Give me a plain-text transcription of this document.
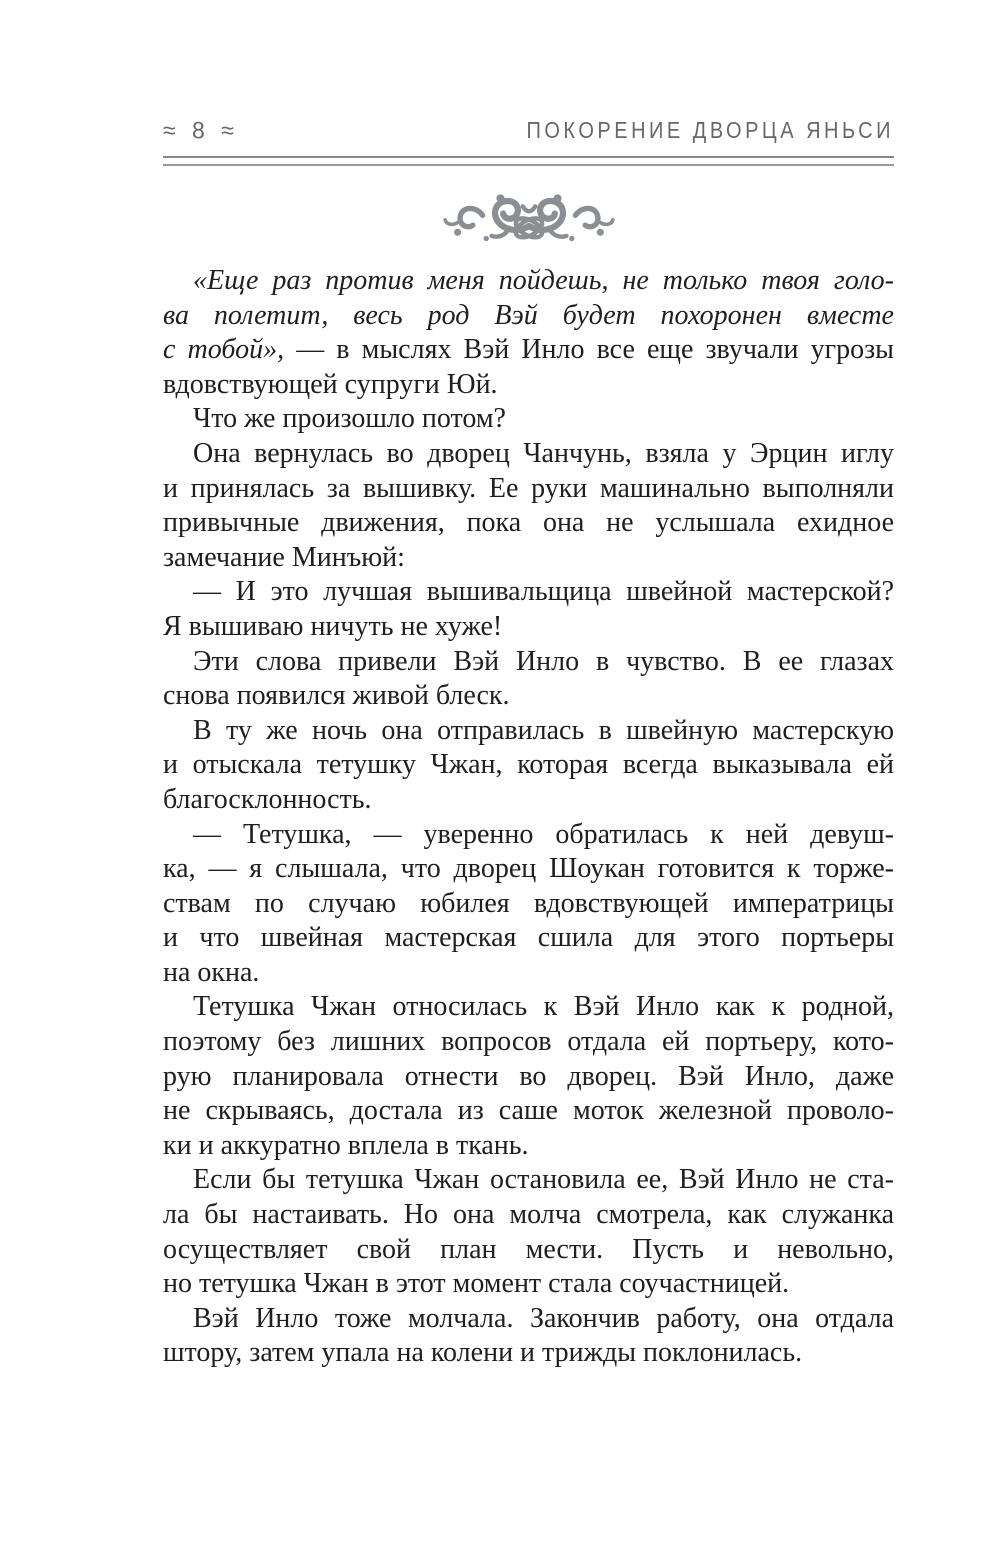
≈ 8 ≈	ПОКОРЕНИЕ ДВОРЦА ЯНЬСИ
«Еще раз против меня пойдешь, не только твоя голо-
ва полетит, весь род Вэй будет похоронен вместе
с тобой», — в мыслях Вэй Инло все еще звучали угрозы
вдовствующей супруги Юй.
Что же произошло потом?
Она вернулась во дворец Чанчунь, взяла у Эрцин иглу
и принялась за вышивку. Ее руки машинально выполняли
привычные движения, пока она не услышала ехидное
замечание Минъюй:
— И это лучшая вышивальщица швейной мастерской?
Я вышиваю ничуть не хуже!
Эти слова привели Вэй Инло в чувство. В ее глазах
снова появился живой блеск.
В ту же ночь она отправилась в швейную мастерскую
и отыскала тетушку Чжан, которая всегда выказывала ей
благосклонность.
— Тетушка, — уверенно обратилась к ней девуш-
ка, — я слышала, что дворец Шоукан готовится к торже-
ствам по случаю юбилея вдовствующей императрицы
и что швейная мастерская сшила для этого портьеры
на окна.
Тетушка Чжан относилась к Вэй Инло как к родной,
поэтому без лишних вопросов отдала ей портьеру, кото-
рую планировала отнести во дворец. Вэй Инло, даже
не скрываясь, достала из саше моток железной проволо-
ки и аккуратно вплела в ткань.
Если бы тетушка Чжан остановила ее, Вэй Инло не ста-
ла бы настаивать. Но она молча смотрела, как служанка
осуществляет свой план мести. Пусть и невольно,
но тетушка Чжан в этот момент стала соучастницей.
Вэй Инло тоже молчала. Закончив работу, она отдала
штору, затем упала на колени и трижды поклонилась.
